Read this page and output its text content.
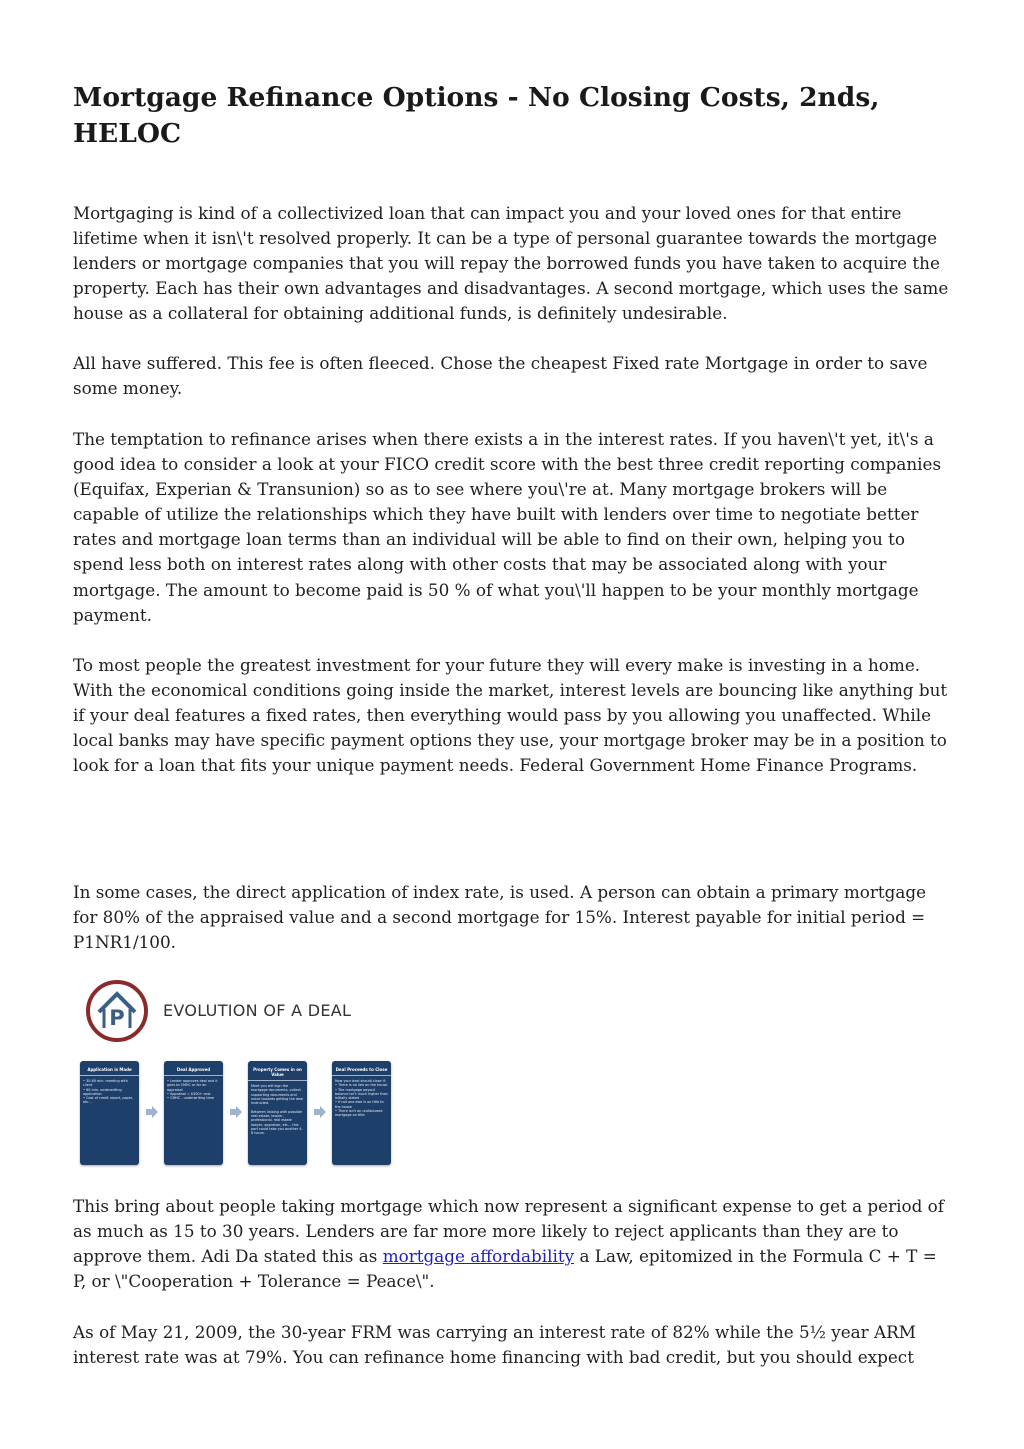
Mortgage Refinance Options - No Closing Costs, 2nds, HELOC

Mortgaging is kind of a collectivized loan that can impact you and your loved ones for that entire lifetime when it isn\'t resolved properly. It can be a type of personal guarantee towards the mortgage lenders or mortgage companies that you will repay the borrowed funds you have taken to acquire the property. Each has their own advantages and disadvantages. A second mortgage, which uses the same house as a collateral for obtaining additional funds, is definitely undesirable.

All have suffered. This fee is often fleeced. Chose the cheapest Fixed rate Mortgage in order to save some money.

The temptation to refinance arises when there exists a in the interest rates. If you haven\'t yet, it\'s a good idea to consider a look at your FICO credit score with the best three credit reporting companies (Equifax, Experian & Transunion) so as to see where you\'re at. Many mortgage brokers will be capable of utilize the relationships which they have built with lenders over time to negotiate better rates and mortgage loan terms than an individual will be able to find on their own, helping you to spend less both on interest rates along with other costs that may be associated along with your mortgage. The amount to become paid is 50 % of what you\'ll happen to be your monthly mortgage payment.

To most people the greatest investment for your future they will every make is investing in a home. With the economical conditions going inside the market, interest levels are bouncing like anything but if your deal features a fixed rates, then everything would pass by you allowing you unaffected. While local banks may have specific payment options they use, your mortgage broker may be in a position to look for a loan that fits your unique payment needs. Federal Government Home Finance Programs.

In some cases, the direct application of index rate, is used. A person can obtain a primary mortgage for 80% of the appraised value and a second mortgage for 15%. Interest payable for initial period = P1NR1/100.

P EVOLUTION OF A DEAL
Application is Made
• 30-60 min. meeting with client
• 60 min. underwriting application
• Cost of credit report, paper, etc…
Deal Approved
• Lender approves deal and it goes to CMHC or for an appraisal
• Appraisal = $300+ cost
• CMHC - underwriting time
Property Comes in on Value
Meet you will sign the mortgage documents, collect supporting documents and move towards getting the deal instructed.

Between liaising with possible real estate, lawyer, professional, real estate lawyer, appraiser, etc… this part could take you another 4-8 hours.
Deal Proceeds to Close
Now your deal should close if:
• There is no lien on the house
• The mortgage payout balance isn't much higher than initially stated
• If not one else is on title to the house
• There isn't an undisclosed mortgage on title

This bring about people taking mortgage which now represent a significant expense to get a period of as much as 15 to 30 years. Lenders are far more more likely to reject applicants than they are to approve them. Adi Da stated this as mortgage affordability a Law, epitomized in the Formula C + T = P, or \"Cooperation + Tolerance = Peace\".

As of May 21, 2009, the 30-year FRM was carrying an interest rate of 82% while the 5½ year ARM interest rate was at 79%. You can refinance home financing with bad credit, but you should expect
